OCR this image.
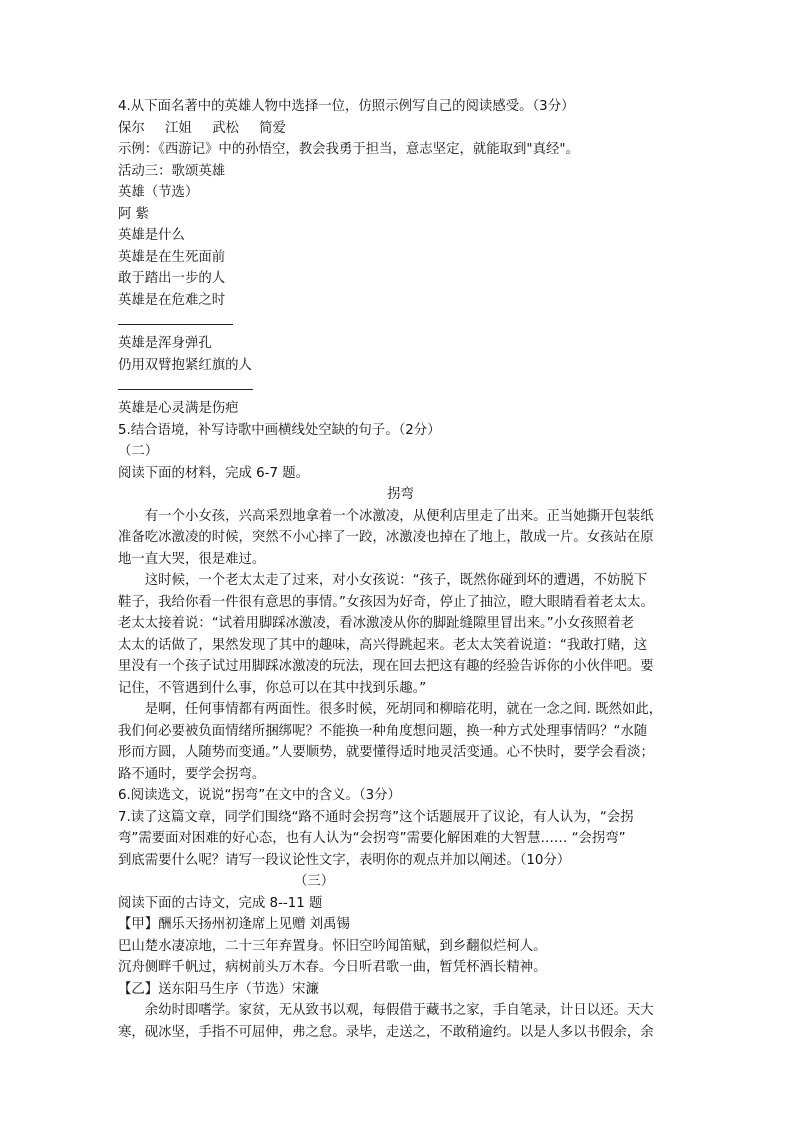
4.从下面名著中的英雄人物中选择一位，仿照示例写自己的阅读感受。（3分）
保尔 江姐 武松 简爱
示例：《西游记》中的孙悟空，教会我勇于担当，意志坚定，就能取到"真经"。
活动三：歌颂英雄
英雄（节选）
阿 紫
英雄是什么
英雄是在生死面前
敢于踏出一步的人
英雄是在危难之时
英雄是浑身弹孔
仍用双臂抱紧红旗的人
英雄是心灵满是伤疤
5.结合语境，补写诗歌中画横线处空缺的句子。（2分）
（二）
阅读下面的材料，完成 6-7 题。
拐弯
有一个小女孩，兴高采烈地拿着一个冰激凌，从便利店里走了出来。正当她撕开包装纸
准备吃冰激凌的时候，突然不小心摔了一跤，冰激凌也掉在了地上，散成一片。女孩站在原
地一直大哭，很是难过。
这时候，一个老太太走了过来，对小女孩说：“孩子，既然你碰到坏的遭遇，不妨脱下
鞋子，我给你看一件很有意思的事情。”女孩因为好奇，停止了抽泣，瞪大眼睛看着老太太。
老太太接着说：“试着用脚踩冰激凌，看冰激凌从你的脚趾缝隙里冒出来。”小女孩照着老
太太的话做了，果然发现了其中的趣味，高兴得跳起来。老太太笑着说道：“我敢打赌，这
里没有一个孩子试过用脚踩冰激凌的玩法，现在回去把这有趣的经验告诉你的小伙伴吧。要
记住，不管遇到什么事，你总可以在其中找到乐趣。”
是啊，任何事情都有两面性。很多时候，死胡同和柳暗花明，就在一念之间. 既然如此，
我们何必要被负面情绪所捆绑呢？不能换一种角度想问题，换一种方式处理事情吗？“水随
形而方圆，人随势而变通。”人要顺势，就要懂得适时地灵活变通。心不快时，要学会看淡；
路不通时，要学会拐弯。
6.阅读选文，说说“拐弯”在文中的含义。（3分）
7.读了这篇文章，同学们围绕“路不通时会拐弯”这个话题展开了议论，有人认为，“会拐
弯”需要面对困难的好心态，也有人认为“会拐弯”需要化解困难的大智慧…… “会拐弯”
到底需要什么呢？请写一段议论性文字，表明你的观点并加以阐述。（10分）
（三）
阅读下面的古诗文，完成 8--11 题
【甲】酬乐天扬州初逢席上见赠 刘禹锡
巴山楚水凄凉地，二十三年弃置身。怀旧空吟闻笛赋，到乡翻似烂柯人。
沉舟侧畔千帆过，病树前头万木春。今日听君歌一曲，暂凭杯酒长精神。
【乙】送东阳马生序（节选）宋濂
余幼时即嗜学。家贫，无从致书以观，每假借于藏书之家，手自笔录，计日以还。天大
寒，砚冰坚，手指不可屈伸，弗之怠。录毕，走送之，不敢稍逾约。以是人多以书假余，余
